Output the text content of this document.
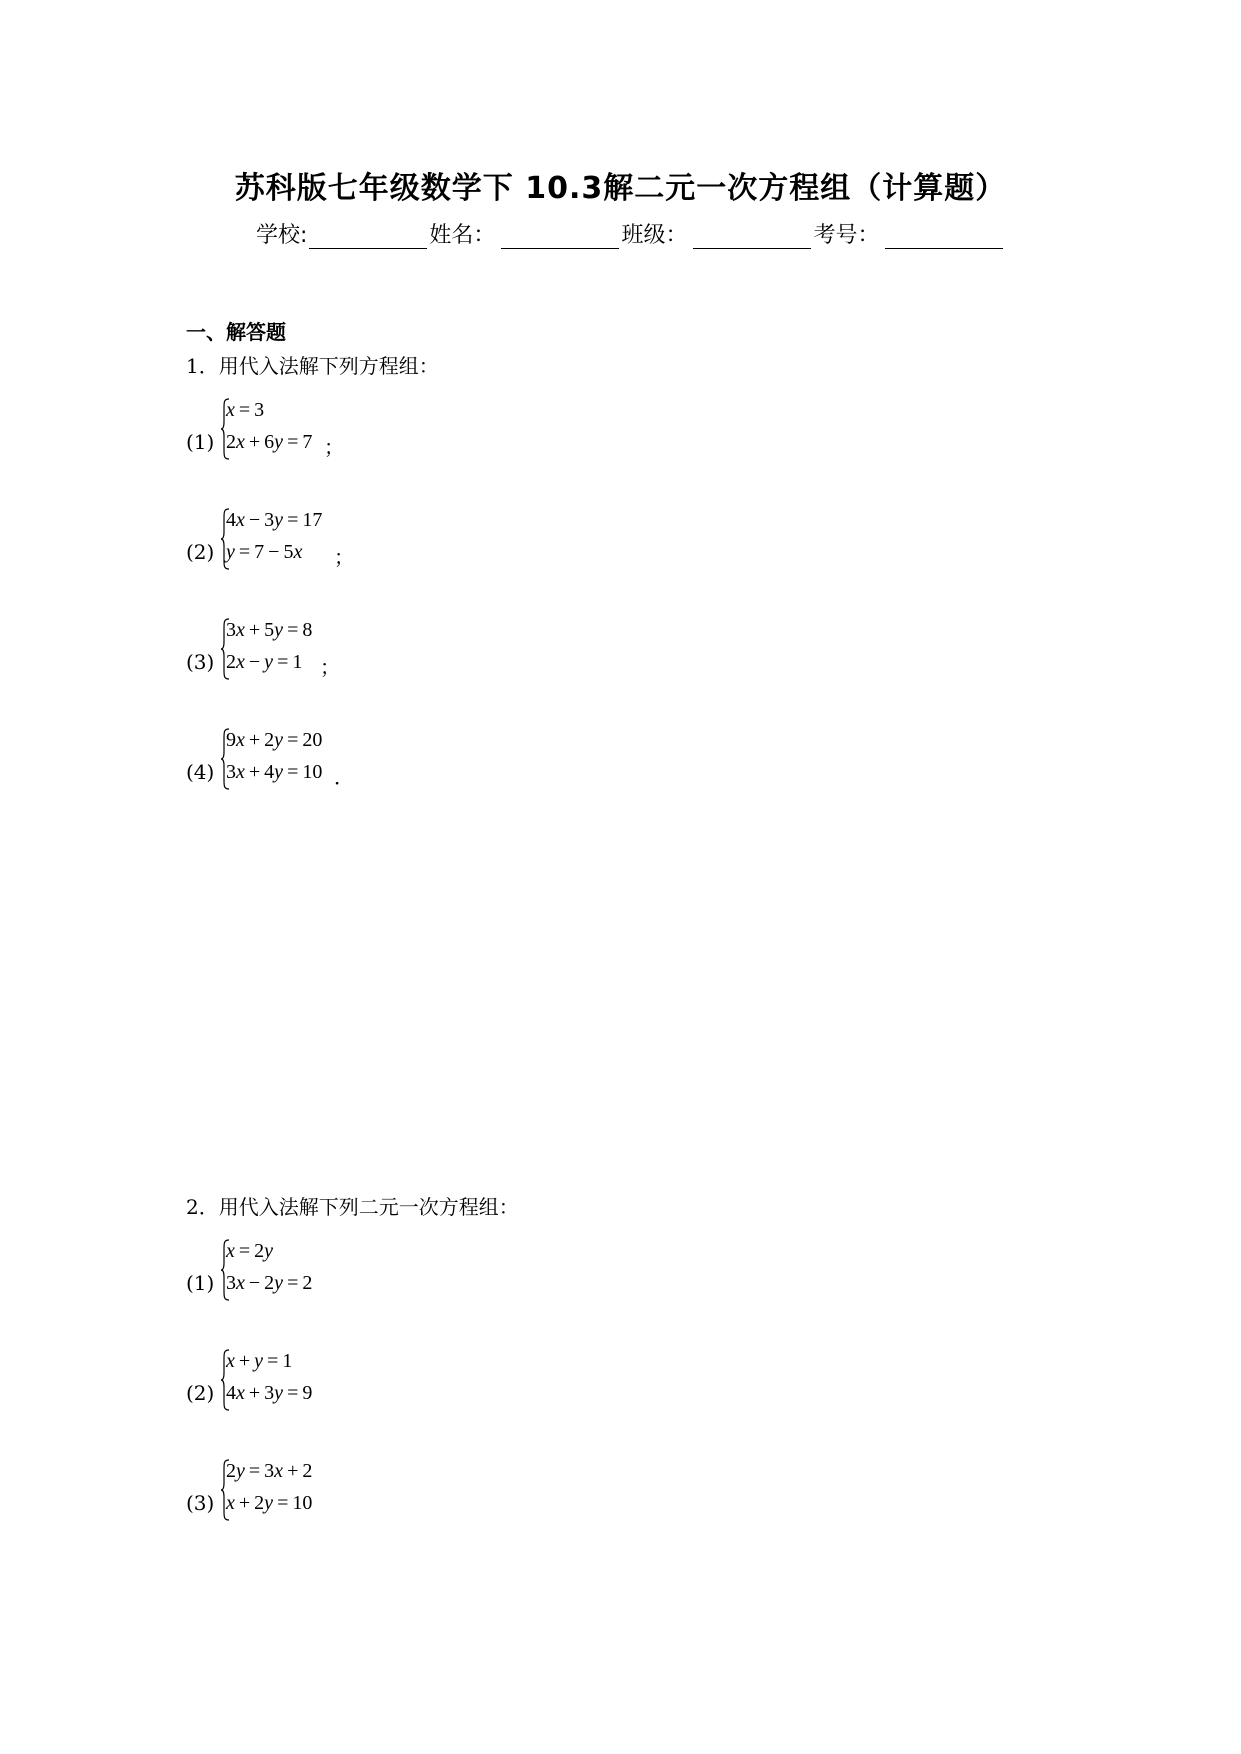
苏科版七年级数学下 10.3解二元一次方程组（计算题）
学校:	姓名：	班级：	考号：
一、解答题
1．用代入法解下列方程组：
(1)
x = 3
2x + 6y = 7 ；
(2)
4x − 3y = 17
y = 7 − 5x ；
(3)
3x + 5y = 8
2x − y = 1 ；
(4)
9x + 2y = 20
3x + 4y = 10 ．
2．用代入法解下列二元一次方程组：
(1)
x = 2y
3x − 2y = 2
(2)
x + y = 1
4x + 3y = 9
(3)
2y = 3x + 2
x + 2y = 10
